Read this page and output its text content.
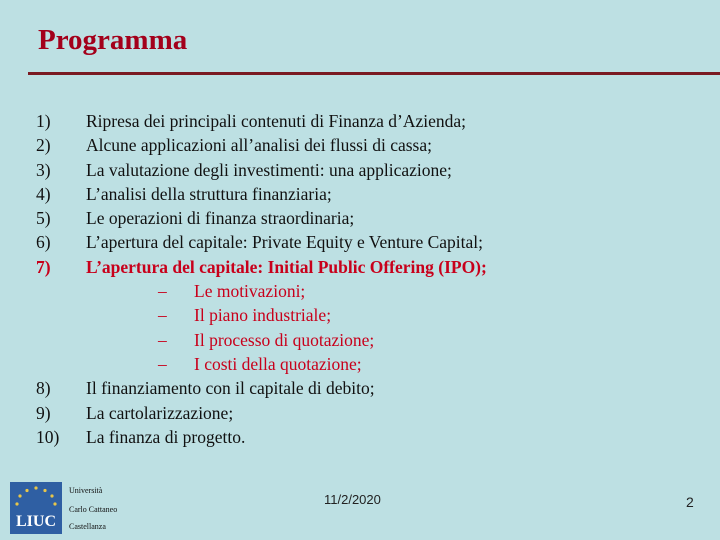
Programma
1) Ripresa dei principali contenuti di Finanza d’Azienda;
2) Alcune applicazioni all’analisi dei flussi di cassa;
3) La valutazione degli investimenti: una applicazione;
4) L’analisi della struttura finanziaria;
5) Le operazioni di finanza straordinaria;
6) L’apertura del capitale: Private Equity e Venture Capital;
7) L’apertura del capitale: Initial Public Offering (IPO);
– Le motivazioni;
– Il piano industriale;
– Il processo di quotazione;
– I costi della quotazione;
8) Il finanziamento con il capitale di debito;
9) La cartolarizzazione;
10) La finanza di progetto.
LIUC
Università
Carlo Cattaneo
Castellanza
11/2/2020	2
